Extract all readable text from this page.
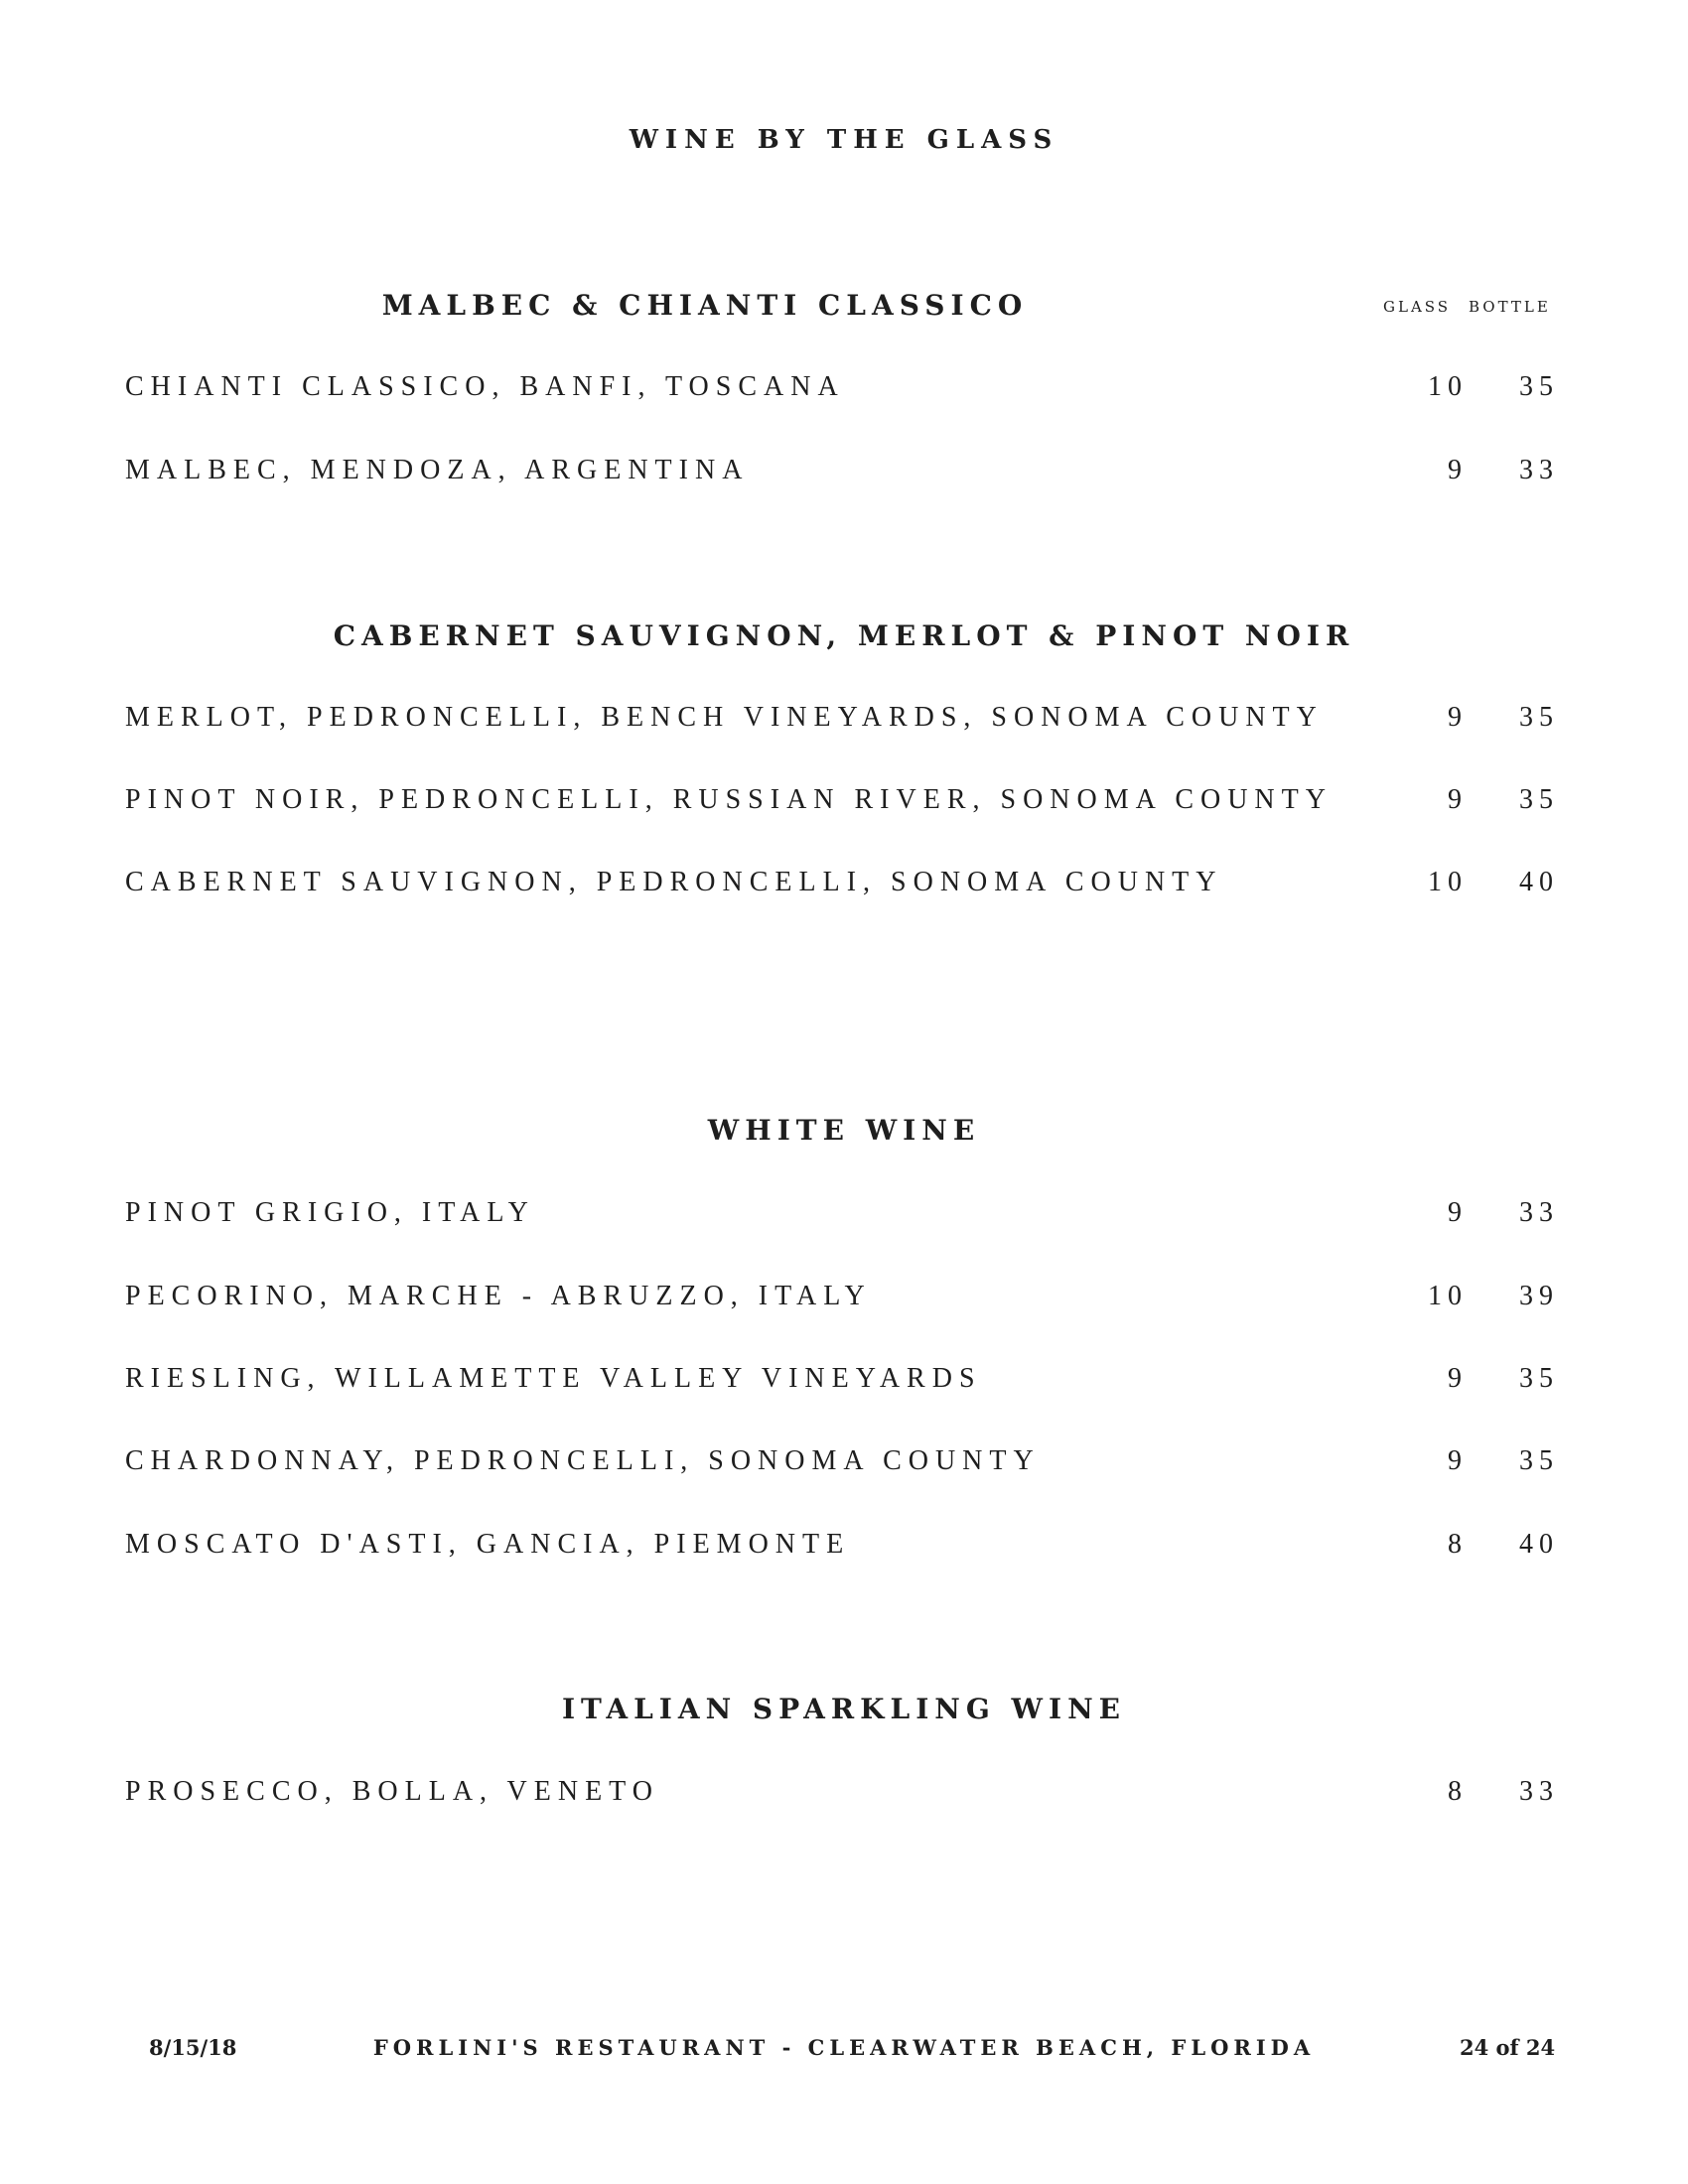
WINE BY THE GLASS
MALBEC & CHIANTI CLASSICO	GLASS BOTTLE
CHIANTI CLASSICO, BANFI, TOSCANA	10 35
MALBEC, MENDOZA, ARGENTINA	9 33
CABERNET SAUVIGNON, MERLOT & PINOT NOIR
MERLOT, PEDRONCELLI, BENCH VINEYARDS, SONOMA COUNTY	9 35
PINOT NOIR, PEDRONCELLI, RUSSIAN RIVER, SONOMA COUNTY	9 35
CABERNET SAUVIGNON, PEDRONCELLI, SONOMA COUNTY	10 40
WHITE WINE
PINOT GRIGIO, ITALY	9 33
PECORINO, MARCHE - ABRUZZO, ITALY	10 39
RIESLING, WILLAMETTE VALLEY VINEYARDS	9 35
CHARDONNAY, PEDRONCELLI, SONOMA COUNTY	9 35
MOSCATO D'ASTI, GANCIA, PIEMONTE	8 40
ITALIAN SPARKLING WINE
PROSECCO, BOLLA, VENETO	8 33
8/15/18	FORLINI'S RESTAURANT - CLEARWATER BEACH, FLORIDA	24 of 24
